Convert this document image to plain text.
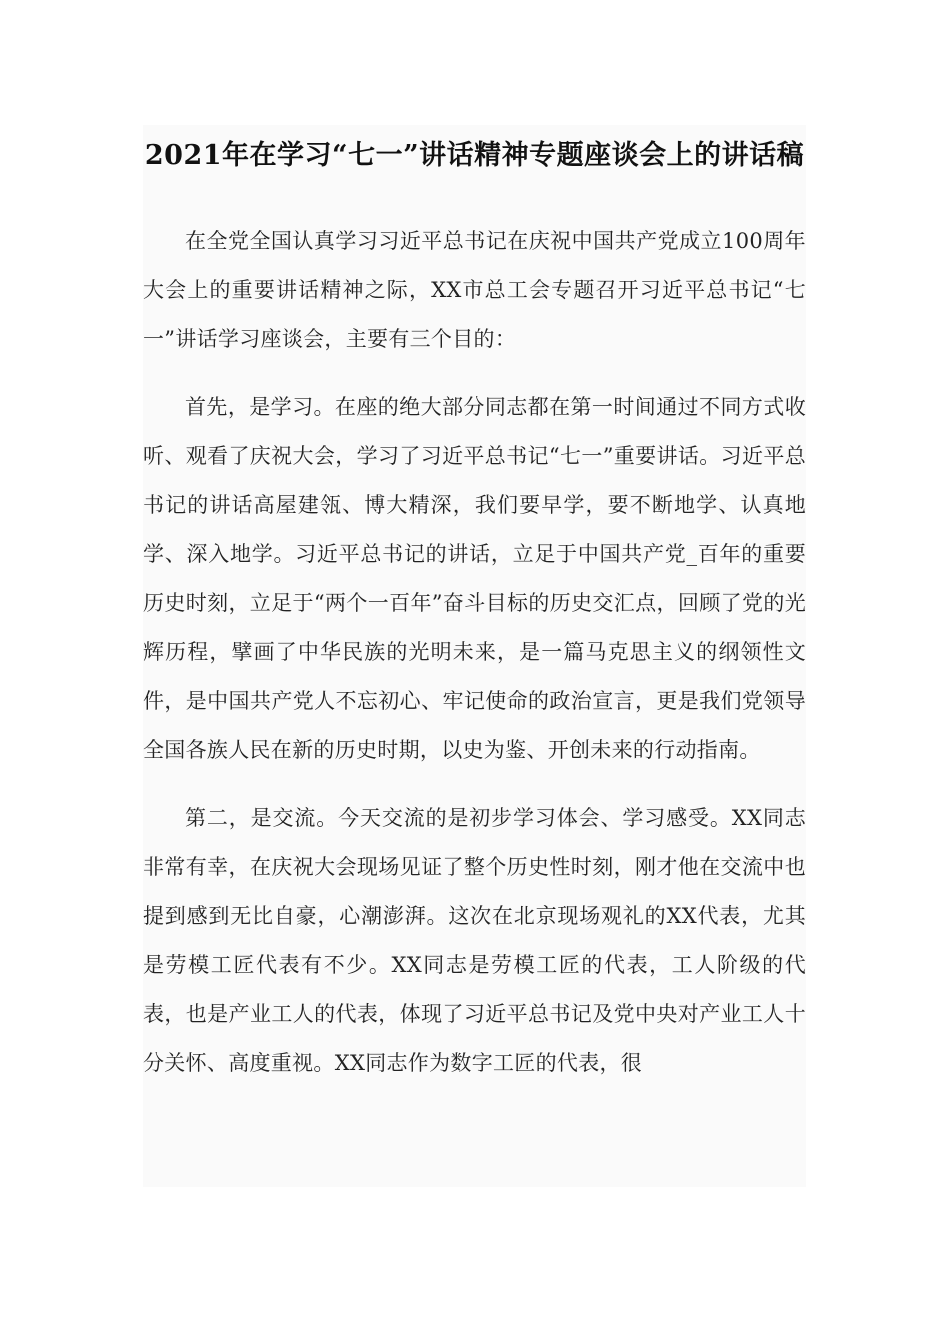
2021年在学习“七一”讲话精神专题座谈会上的讲话稿

在全党全国认真学习习近平总书记在庆祝中国共产党成立100周年大会上的重要讲话精神之际，XX市总工会专题召开习近平总书记“七一”讲话学习座谈会，主要有三个目的：

首先，是学习。在座的绝大部分同志都在第一时间通过不同方式收听、观看了庆祝大会，学习了习近平总书记“七一”重要讲话。习近平总书记的讲话高屋建瓴、博大精深，我们要早学，要不断地学、认真地学、深入地学。习近平总书记的讲话，立足于中国共产党_百年的重要历史时刻，立足于“两个一百年”奋斗目标的历史交汇点，回顾了党的光辉历程，擘画了中华民族的光明未来，是一篇马克思主义的纲领性文件，是中国共产党人不忘初心、牢记使命的政治宣言，更是我们党领导全国各族人民在新的历史时期，以史为鉴、开创未来的行动指南。

第二，是交流。今天交流的是初步学习体会、学习感受。XX同志非常有幸，在庆祝大会现场见证了整个历史性时刻，刚才他在交流中也提到感到无比自豪，心潮澎湃。这次在北京现场观礼的XX代表，尤其是劳模工匠代表有不少。XX同志是劳模工匠的代表，工人阶级的代表，也是产业工人的代表，体现了习近平总书记及党中央对产业工人十分关怀、高度重视。XX同志作为数字工匠的代表，很
